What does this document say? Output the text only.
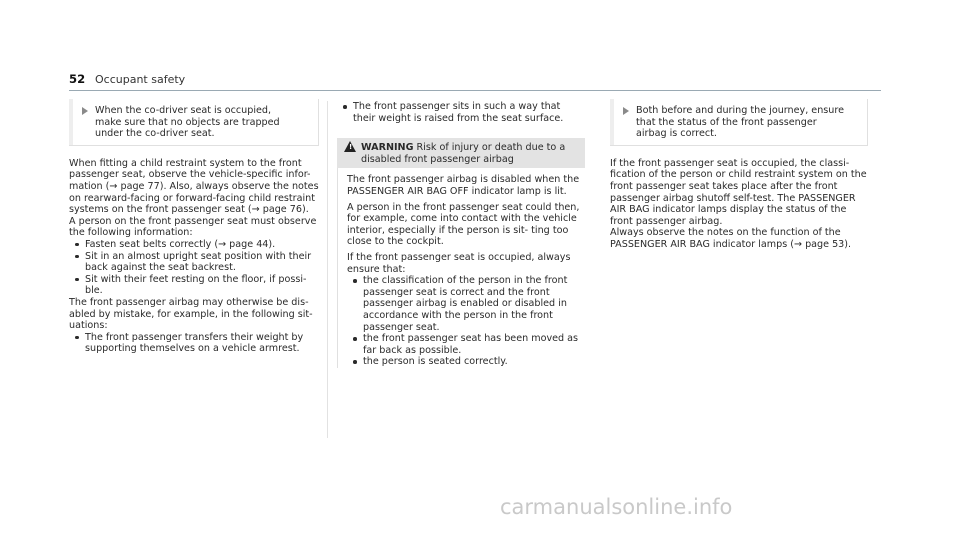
52 Occupant safety

When the co-driver seat is occupied, make sure that no objects are trapped under the co-driver seat.

When fitting a child restraint system to the front passenger seat, observe the vehicle-specific infor- mation (→ page 77). Also, always observe the notes on rearward-facing or forward-facing child restraint systems on the front passenger seat (→ page 76).

A person on the front passenger seat must observe the following information:

Fasten seat belts correctly (→ page 44).
Sit in an almost upright seat position with their back against the seat backrest.
Sit with their feet resting on the floor, if possi- ble.

The front passenger airbag may otherwise be dis- abled by mistake, for example, in the following sit- uations:

The front passenger transfers their weight by supporting themselves on a vehicle armrest.
The front passenger sits in such a way that their weight is raised from the seat surface.
! WARNING Risk of injury or death due to a disabled front passenger airbag

The front passenger airbag is disabled when the PASSENGER AIR BAG OFF indicator lamp is lit.

A person in the front passenger seat could then, for example, come into contact with the vehicle interior, especially if the person is sit- ting too close to the cockpit.

If the front passenger seat is occupied, always ensure that:

the classification of the person in the front passenger seat is correct and the front passenger airbag is enabled or disabled in accordance with the person in the front passenger seat.
the front passenger seat has been moved as far back as possible.
the person is seated correctly.

Both before and during the journey, ensure that the status of the front passenger airbag is correct.

If the front passenger seat is occupied, the classi- fication of the person or child restraint system on the front passenger seat takes place after the front passenger airbag shutoff self-test. The PASSENGER AIR BAG indicator lamps display the status of the front passenger airbag.

Always observe the notes on the function of the PASSENGER AIR BAG indicator lamps (→ page 53).

carmanualsonline.info
